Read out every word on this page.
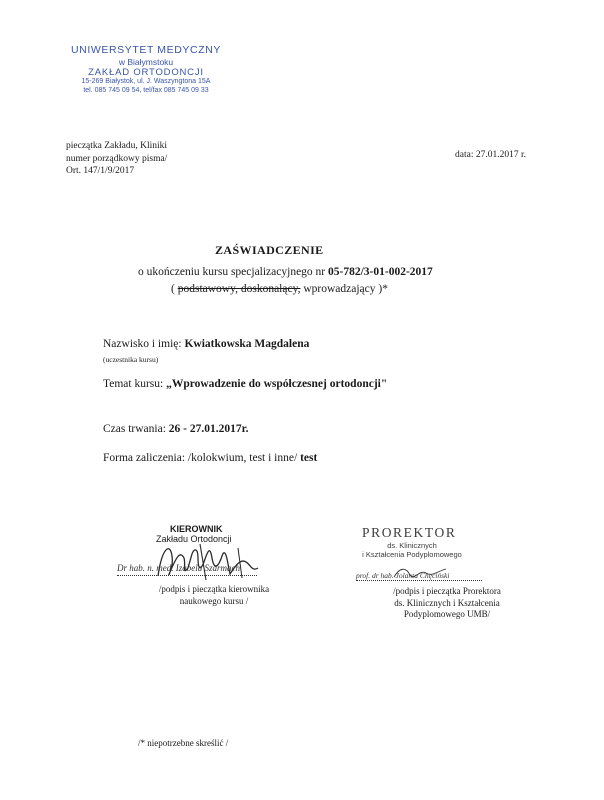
UNIWERSYTET MEDYCZNY
w Białymstoku
ZAKŁAD ORTODONCJI
15-269 Białystok, ul. J. Waszyngtona 15A
tel. 085 745 09 54, tel/fax 085 745 09 33
pieczątka Zakładu, Kliniki
numer porządkowy pisma/
Ort. 147/1/9/2017
data: 27.01.2017 r.
ZAŚWIADCZENIE
o ukończeniu kursu specjalizacyjnego nr 05-782/3-01-002-2017
( podstawowy, doskonalący, wprowadzający )*
Nazwisko i imię: Kwiatkowska Magdalena
(uczestnika kursu)
Temat kursu: „Wprowadzenie do współczesnej ortodoncji"
Czas trwania: 26 - 27.01.2017r.
Forma zaliczenia: /kolokwium, test i inne/ test
KIEROWNIK
Zakładu Ortodoncji
Dr hab. n. med. Izabela Szarmach
/podpis i pieczątka kierownika
naukowego kursu /
PROREKTOR
ds. Klinicznych
i Kształcenia Podyplomowego
prof. dr hab. Jolanta Chęciński
/podpis i pieczątka Prorektora
ds. Klinicznych i Kształcenia
Podyplomowego UMB/
/* niepotrzebne skreślić /
